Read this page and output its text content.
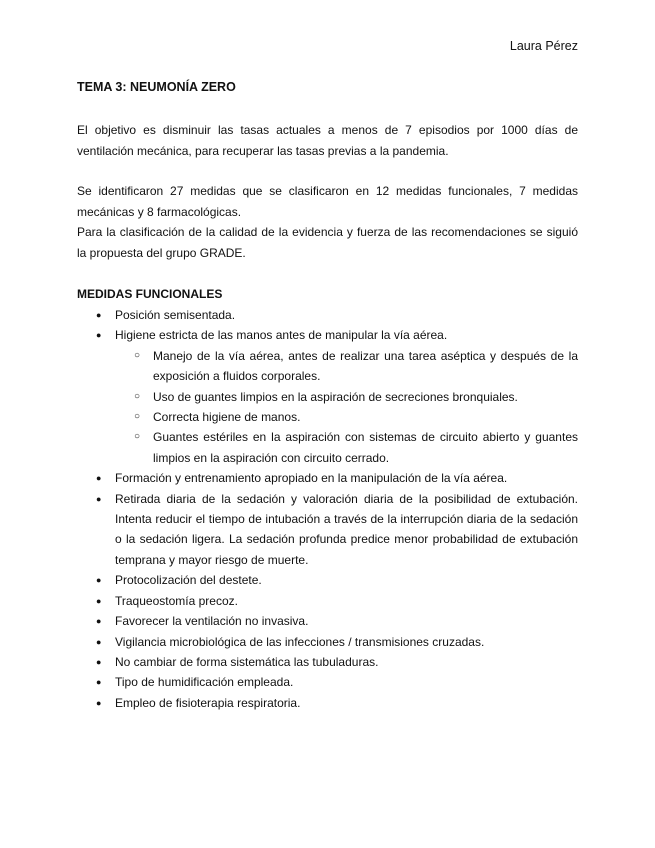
Laura Pérez
TEMA 3: NEUMONÍA ZERO

El objetivo es disminuir las tasas actuales a menos de 7 episodios por 1000 días de ventilación mecánica, para recuperar las tasas previas a la pandemia.

Se identificaron 27 medidas que se clasificaron en 12 medidas funcionales, 7 medidas mecánicas y 8 farmacológicas.

Para la clasificación de la calidad de la evidencia y fuerza de las recomendaciones se siguió la propuesta del grupo GRADE.

MEDIDAS FUNCIONALES
●	Posición semisentada.
●	Higiene estricta de las manos antes de manipular la vía aérea.
○	Manejo de la vía aérea, antes de realizar una tarea aséptica y después de la exposición a fluidos corporales.
○	Uso de guantes limpios en la aspiración de secreciones bronquiales.
○	Correcta higiene de manos.
○	Guantes estériles en la aspiración con sistemas de circuito abierto y guantes limpios en la aspiración con circuito cerrado.
●	Formación y entrenamiento apropiado en la manipulación de la vía aérea.
●	Retirada diaria de la sedación y valoración diaria de la posibilidad de extubación. Intenta reducir el tiempo de intubación a través de la interrupción diaria de la sedación o la sedación ligera. La sedación profunda predice menor probabilidad de extubación temprana y mayor riesgo de muerte.
●	Protocolización del destete.
●	Traqueostomía precoz.
●	Favorecer la ventilación no invasiva.
●	Vigilancia microbiológica de las infecciones / transmisiones cruzadas.
●	No cambiar de forma sistemática las tubuladuras.
●	Tipo de humidificación empleada.
●	Empleo de fisioterapia respiratoria.
